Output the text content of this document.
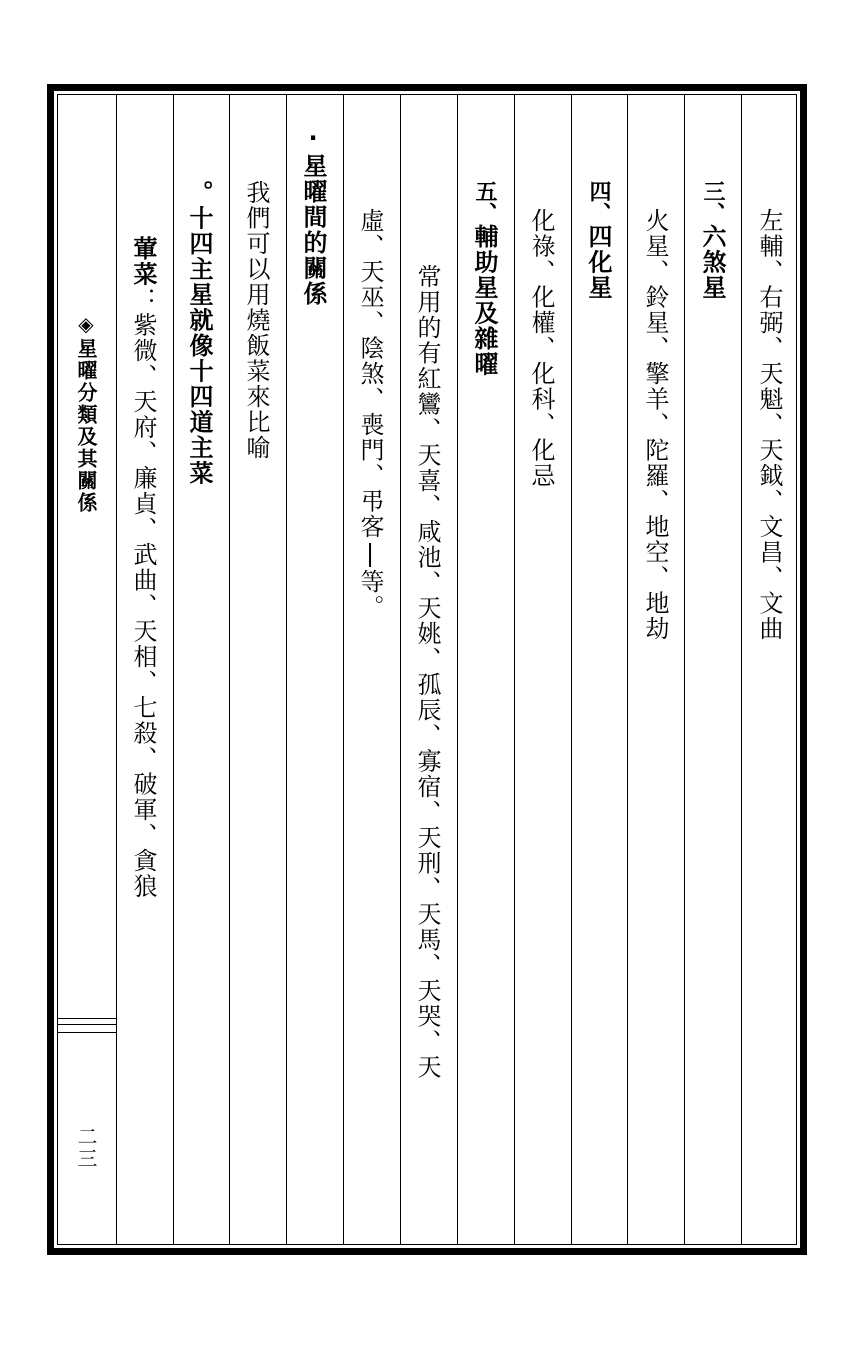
◈星曜分類及其關係
二三
左輔、右弼、天魁、天鉞、文昌、文曲
三、六煞星
火星、鈴星、擎羊、陀羅、地空、地劫
四、四化星
化祿、化權、化科、化忌
五、輔助星及雜曜
常用的有紅鸞、天喜、咸池、天姚、孤辰、寡宿、天刑、天馬、天哭、天
虛、天巫、陰煞、喪門、弔客|等。
·星曜間的關係
我們可以用燒飯菜來比喻
。十四主星就像十四道主菜
葷菜：紫微、天府、廉貞、武曲、天相、七殺、破軍、貪狼
